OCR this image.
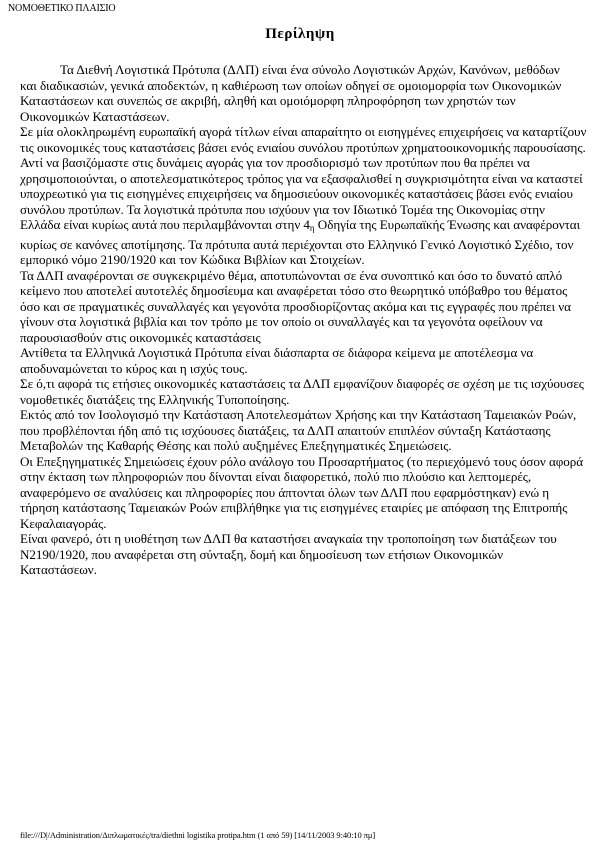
ΝΟΜΟΘΕΤΙΚΟ ΠΛΑΙΣΙΟ
Περίληψη

Τα Διεθνή Λογιστικά Πρότυπα (ΔΛΠ) είναι ένα σύνολο Λογιστικών Αρχών, Κανόνων, μεθόδων και διαδικασιών, γενικά αποδεκτών, η καθιέρωση των οποίων οδηγεί σε ομοιομορφία των Οικονομικών Καταστάσεων και συνεπώς σε ακριβή, αληθή και ομοιόμορφη πληροφόρηση των χρηστών των Οικονομικών Καταστάσεων.

Σε μία ολοκληρωμένη ευρωπαϊκή αγορά τίτλων είναι απαραίτητο οι εισηγμένες επιχειρήσεις να καταρτίζουν τις οικονομικές τους καταστάσεις βάσει ενός ενιαίου συνόλου προτύπων χρηματοοικονομικής παρουσίασης. Αντί να βασιζόμαστε στις δυνάμεις αγοράς για τον προσδιορισμό των προτύπων που θα πρέπει να χρησιμοποιούνται, ο αποτελεσματικότερος τρόπος για να εξασφαλισθεί η συγκρισιμότητα είναι να καταστεί υποχρεωτικό για τις εισηγμένες επιχειρήσεις να δημοσιεύουν οικονομικές καταστάσεις βάσει ενός ενιαίου συνόλου προτύπων. Τα λογιστικά πρότυπα που ισχύουν για τον Ιδιωτικό Τομέα της Οικονομίας στην Ελλάδα είναι κυρίως αυτά που περιλαμβάνονται στην 4η Οδηγία της Ευρωπαϊκής Ένωσης και αναφέρονται κυρίως σε κανόνες αποτίμησης. Τα πρότυπα αυτά περιέχονται στο Ελληνικό Γενικό Λογιστικό Σχέδιο, τον εμπορικό νόμο 2190/1920 και τον Κώδικα Βιβλίων και Στοιχείων.

Τα ΔΛΠ αναφέρονται σε συγκεκριμένο θέμα, αποτυπώνονται σε ένα συνοπτικό και όσο το δυνατό απλό κείμενο που αποτελεί αυτοτελές δημοσίευμα και αναφέρεται τόσο στο θεωρητικό υπόβαθρο του θέματος όσο και σε πραγματικές συναλλαγές και γεγονότα προσδιορίζοντας ακόμα και τις εγγραφές που πρέπει να γίνουν στα λογιστικά βιβλία και τον τρόπο με τον οποίο οι συναλλαγές και τα γεγονότα οφείλουν να παρουσιασθούν στις οικονομικές καταστάσεις

Αντίθετα τα Ελληνικά Λογιστικά Πρότυπα είναι διάσπαρτα σε διάφορα κείμενα με αποτέλεσμα να αποδυναμώνεται το κύρος και η ισχύς τους.

Σε ό,τι αφορά τις ετήσιες οικονομικές καταστάσεις τα ΔΛΠ εμφανίζουν διαφορές σε σχέση με τις ισχύουσες νομοθετικές διατάξεις της Ελληνικής Τυποποίησης.

Εκτός από τον Ισολογισμό την Κατάσταση Αποτελεσμάτων Χρήσης και την Κατάσταση Ταμειακών Ροών, που προβλέπονται ήδη από τις ισχύουσες διατάξεις, τα ΔΛΠ απαιτούν επιπλέον σύνταξη Κατάστασης Μεταβολών της Καθαρής Θέσης και πολύ αυξημένες Επεξηγηματικές Σημειώσεις.

Οι Επεξηγηματικές Σημειώσεις έχουν ρόλο ανάλογο του Προσαρτήματος (το περιεχόμενό τους όσον αφορά στην έκταση των πληροφοριών που δίνονται είναι διαφορετικό, πολύ πιο πλούσιο και λεπτομερές, αναφερόμενο σε αναλύσεις και πληροφορίες που άπτονται όλων των ΔΛΠ που εφαρμόστηκαν) ενώ η τήρηση κατάστασης Ταμειακών Ροών επιβλήθηκε για τις εισηγμένες εταιρίες με απόφαση της Επιτροπής Κεφαλαιαγοράς.

Είναι φανερό, ότι η υιοθέτηση των ΔΛΠ θα καταστήσει αναγκαία την τροποποίηση των διατάξεων του Ν2190/1920, που αναφέρεται στη σύνταξη, δομή και δημοσίευση των ετήσιων Οικονομικών Καταστάσεων.

file:///D|/Administration/Διπλωματικές/tra/diethni logistika protipa.htm (1 από 59) [14/11/2003 9:40:10 πμ]
